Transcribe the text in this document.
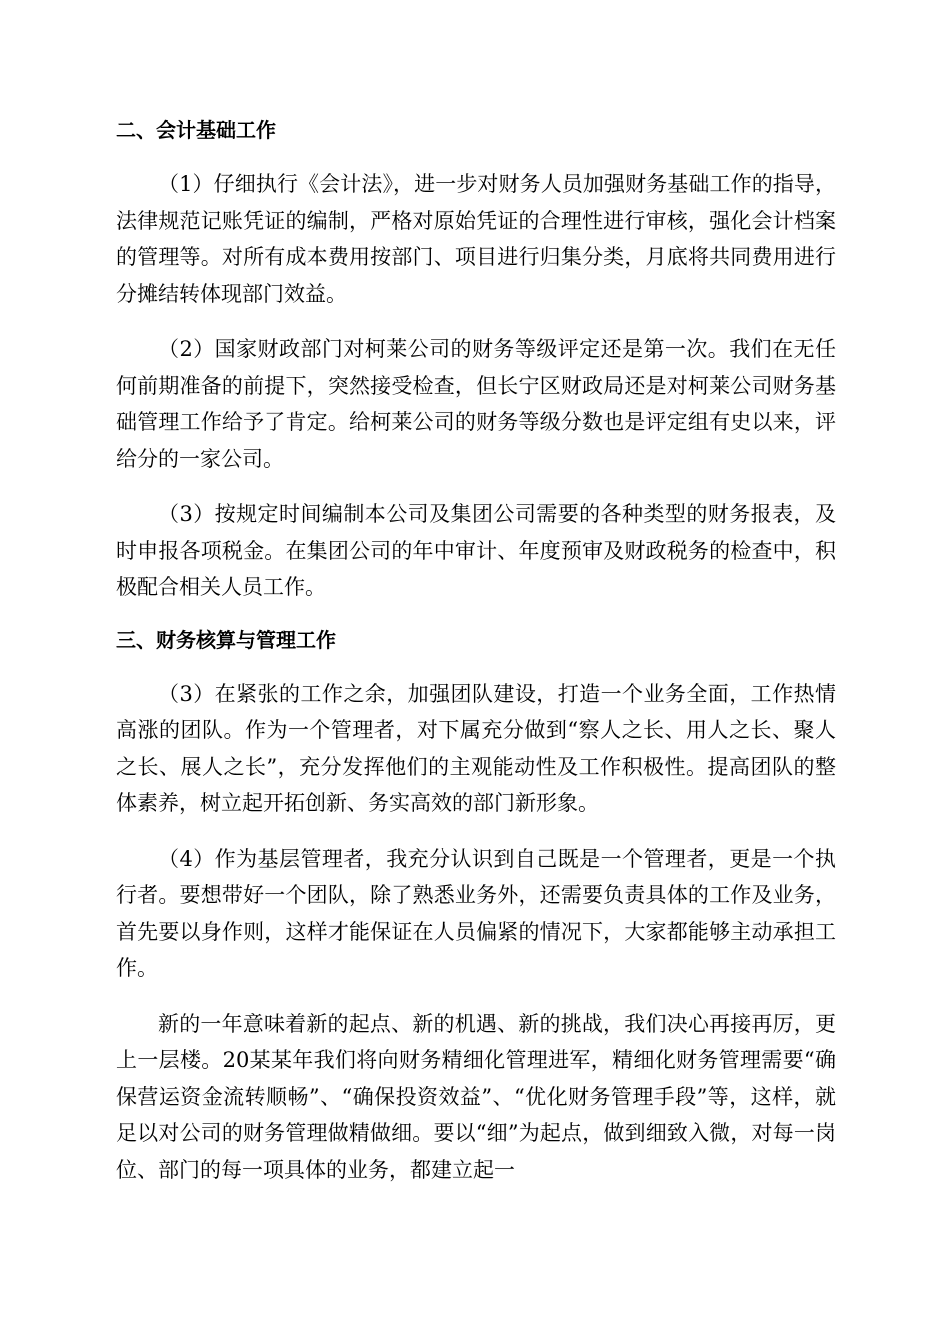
二、会计基础工作

（1）仔细执行《会计法》，进一步对财务人员加强财务基础工作的指导，法律规范记账凭证的编制，严格对原始凭证的合理性进行审核，强化会计档案的管理等。对所有成本费用按部门、项目进行归集分类，月底将共同费用进行分摊结转体现部门效益。

（2）国家财政部门对柯莱公司的财务等级评定还是第一次。我们在无任何前期准备的前提下，突然接受检查，但长宁区财政局还是对柯莱公司财务基础管理工作给予了肯定。给柯莱公司的财务等级分数也是评定组有史以来，评给分的一家公司。

（3）按规定时间编制本公司及集团公司需要的各种类型的财务报表，及时申报各项税金。在集团公司的年中审计、年度预审及财政税务的检查中，积极配合相关人员工作。

三、财务核算与管理工作

（3）在紧张的工作之余，加强团队建设，打造一个业务全面，工作热情高涨的团队。作为一个管理者，对下属充分做到“察人之长、用人之长、聚人之长、展人之长”，充分发挥他们的主观能动性及工作积极性。提高团队的整体素养，树立起开拓创新、务实高效的部门新形象。

（4）作为基层管理者，我充分认识到自己既是一个管理者，更是一个执行者。要想带好一个团队，除了熟悉业务外，还需要负责具体的工作及业务，首先要以身作则，这样才能保证在人员偏紧的情况下，大家都能够主动承担工作。

新的一年意味着新的起点、新的机遇、新的挑战，我们决心再接再厉，更上一层楼。20某某年我们将向财务精细化管理进军，精细化财务管理需要“确保营运资金流转顺畅”、“确保投资效益”、“优化财务管理手段”等，这样，就足以对公司的财务管理做精做细。要以“细”为起点，做到细致入微，对每一岗位、部门的每一项具体的业务，都建立起一
